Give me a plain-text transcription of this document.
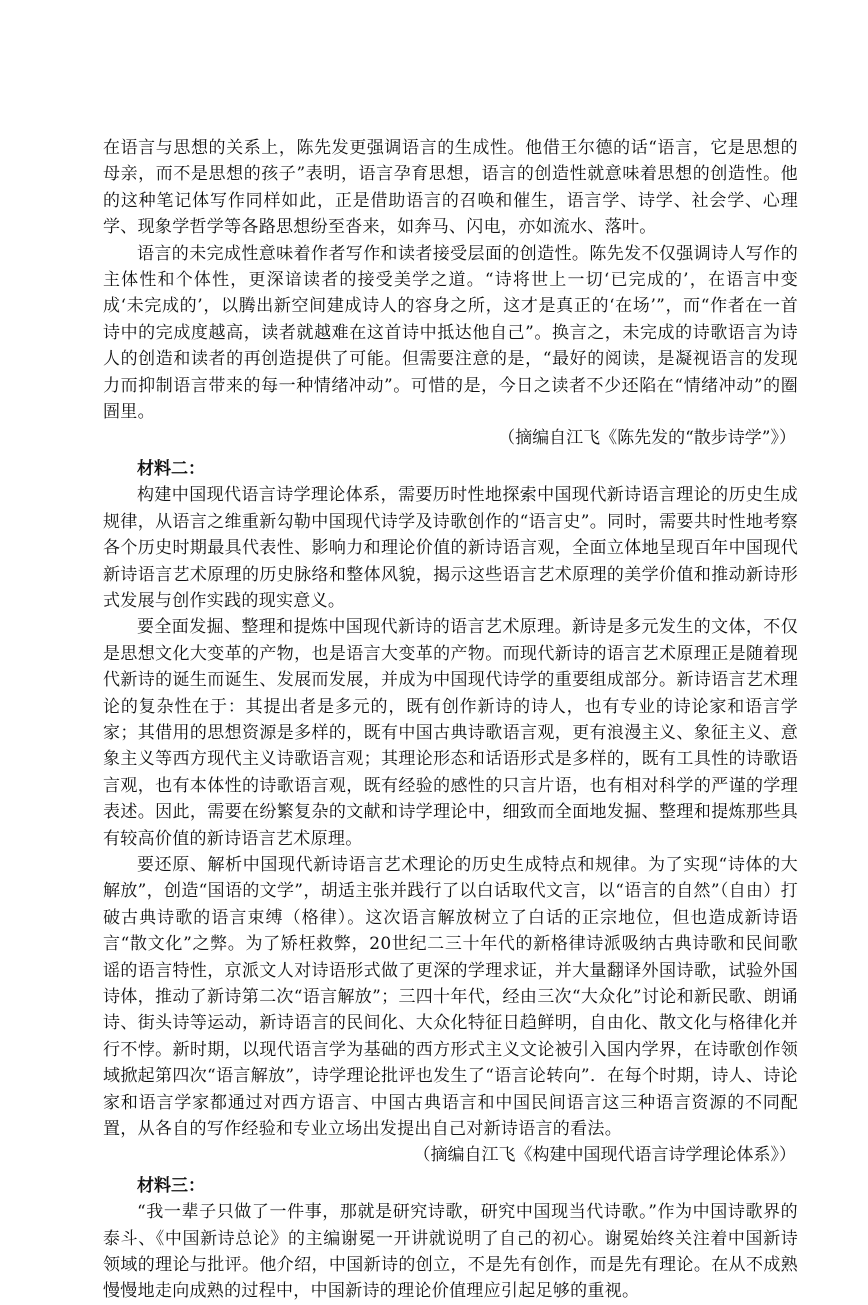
在语言与思想的关系上，陈先发更强调语言的生成性。他借王尔德的话“语言，它是思想的母亲，而不是思想的孩子”表明，语言孕育思想，语言的创造性就意味着思想的创造性。他的这种笔记体写作同样如此，正是借助语言的召唤和催生，语言学、诗学、社会学、心理学、现象学哲学等各路思想纷至沓来，如奔马、闪电，亦如流水、落叶。

语言的未完成性意味着作者写作和读者接受层面的创造性。陈先发不仅强调诗人写作的主体性和个体性，更深谙读者的接受美学之道。“诗将世上一切‘已完成的’，在语言中变成‘未完成的’，以腾出新空间建成诗人的容身之所，这才是真正的‘在场’”，而“作者在一首诗中的完成度越高，读者就越难在这首诗中抵达他自己”。换言之，未完成的诗歌语言为诗人的创造和读者的再创造提供了可能。但需要注意的是，“最好的阅读，是凝视语言的发现力而抑制语言带来的每一种情绪冲动”。可惜的是，今日之读者不少还陷在“情绪冲动”的圈圄里。

（摘编自江飞《陈先发的“散步诗学”》）

材料二：

构建中国现代语言诗学理论体系，需要历时性地探索中国现代新诗语言理论的历史生成规律，从语言之维重新勾勒中国现代诗学及诗歌创作的“语言史”。同时，需要共时性地考察各个历史时期最具代表性、影响力和理论价值的新诗语言观，全面立体地呈现百年中国现代新诗语言艺术原理的历史脉络和整体风貌，揭示这些语言艺术原理的美学价值和推动新诗形式发展与创作实践的现实意义。

要全面发掘、整理和提炼中国现代新诗的语言艺术原理。新诗是多元发生的文体，不仅是思想文化大变革的产物，也是语言大变革的产物。而现代新诗的语言艺术原理正是随着现代新诗的诞生而诞生、发展而发展，并成为中国现代诗学的重要组成部分。新诗语言艺术理论的复杂性在于：其提出者是多元的，既有创作新诗的诗人，也有专业的诗论家和语言学家；其借用的思想资源是多样的，既有中国古典诗歌语言观，更有浪漫主义、象征主义、意象主义等西方现代主义诗歌语言观；其理论形态和话语形式是多样的，既有工具性的诗歌语言观，也有本体性的诗歌语言观，既有经验的感性的只言片语，也有相对科学的严谨的学理表述。因此，需要在纷繁复杂的文献和诗学理论中，细致而全面地发掘、整理和提炼那些具有较高价值的新诗语言艺术原理。

要还原、解析中国现代新诗语言艺术理论的历史生成特点和规律。为了实现“诗体的大解放”，创造“国语的文学”，胡适主张并践行了以白话取代文言，以“语言的自然”（自由）打破古典诗歌的语言束缚（格律）。这次语言解放树立了白话的正宗地位，但也造成新诗语言“散文化”之弊。为了矫枉救弊，20世纪二三十年代的新格律诗派吸纳古典诗歌和民间歌谣的语言特性，京派文人对诗语形式做了更深的学理求证，并大量翻译外国诗歌，试验外国诗体，推动了新诗第二次“语言解放”；三四十年代，经由三次“大众化”讨论和新民歌、朗诵诗、街头诗等运动，新诗语言的民间化、大众化特征日趋鲜明，自由化、散文化与格律化并行不悖。新时期，以现代语言学为基础的西方形式主义文论被引入国内学界，在诗歌创作领域掀起第四次“语言解放”，诗学理论批评也发生了“语言论转向”．在每个时期，诗人、诗论家和语言学家都通过对西方语言、中国古典语言和中国民间语言这三种语言资源的不同配置，从各自的写作经验和专业立场出发提出自己对新诗语言的看法。

（摘编自江飞《构建中国现代语言诗学理论体系》）

材料三：

“我一辈子只做了一件事，那就是研究诗歌，研究中国现当代诗歌。”作为中国诗歌界的泰斗、《中国新诗总论》的主编谢冕一开讲就说明了自己的初心。谢冕始终关注着中国新诗领域的理论与批评。他介绍，中国新诗的创立，不是先有创作，而是先有理论。在从不成熟慢慢地走向成熟的过程中，中国新诗的理论价值理应引起足够的重视。
